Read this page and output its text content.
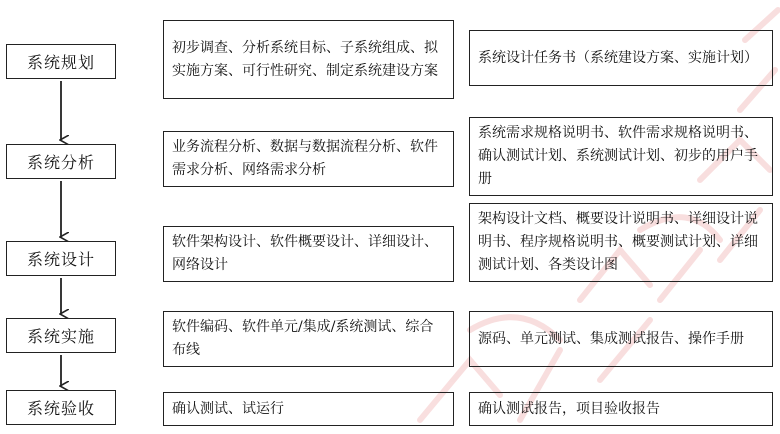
系统规划
系统分析
系统设计
系统实施
系统验收
初步调查、分析系统目标、子系统组成、拟实施方案、可行性研究、制定系统建设方案
业务流程分析、数据与数据流程分析、软件需求分析、网络需求分析
软件架构设计、软件概要设计、详细设计、网络设计
软件编码、软件单元/集成/系统测试、综合布线
确认测试、试运行
系统设计任务书（系统建设方案、实施计划）
系统需求规格说明书、软件需求规格说明书、确认测试计划、系统测试计划、初步的用户手册
架构设计文档、概要设计说明书、详细设计说明书、程序规格说明书、概要测试计划、详细测试计划、各类设计图
源码、单元测试、集成测试报告、操作手册
确认测试报告，项目验收报告
